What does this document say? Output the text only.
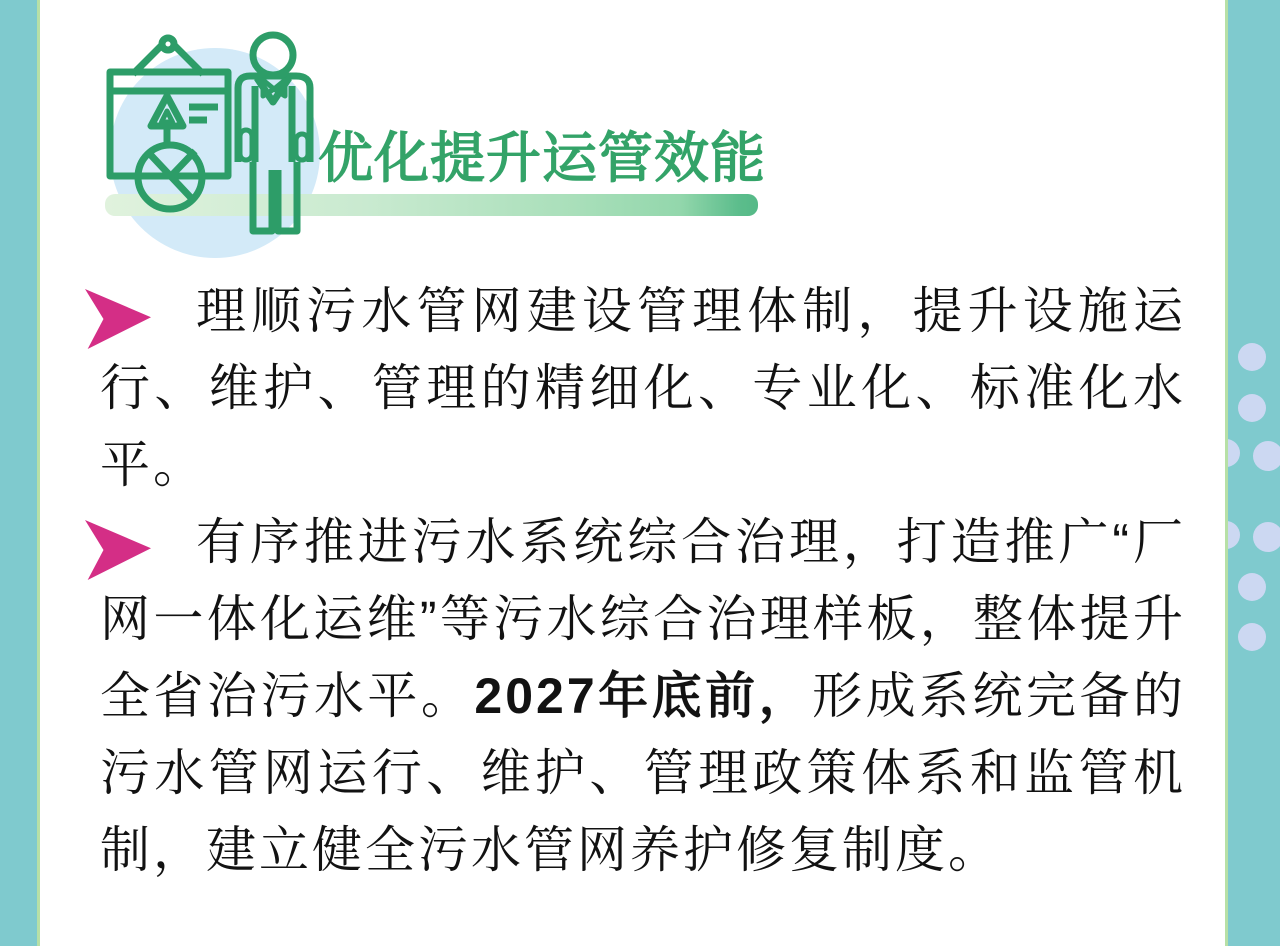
优化提升运管效能

理顺污水管网建设管理体制，提升设施运行、维护、管理的精细化、专业化、标准化水平。

有序推进污水系统综合治理，打造推广“厂网一体化运维”等污水综合治理样板，整体提升全省治污水平。2027年底前，形成系统完备的污水管网运行、维护、管理政策体系和监管机制，建立健全污水管网养护修复制度。
